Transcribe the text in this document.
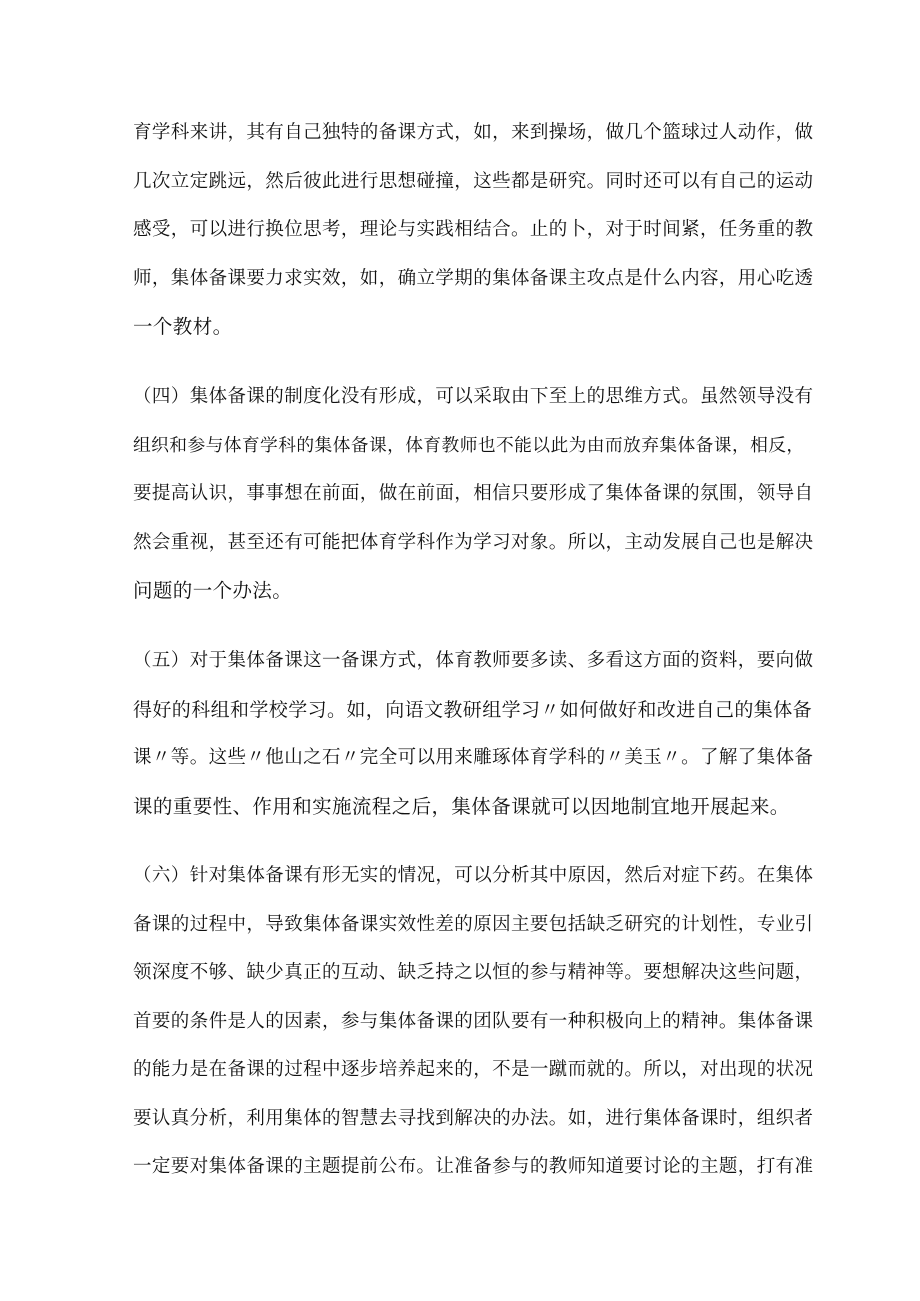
育学科来讲，其有自己独特的备课方式，如，来到操场，做几个篮球过人动作，做
几次立定跳远，然后彼此进行思想碰撞，这些都是研究。同时还可以有自己的运动
感受，可以进行换位思考，理论与实践相结合。止的卜，对于时间紧，任务重的教
师，集体备课要力求实效，如，确立学期的集体备课主攻点是什么内容，用心吃透
一个教材。
（四）集体备课的制度化没有形成，可以采取由下至上的思维方式。虽然领导没有
组织和参与体育学科的集体备课，体育教师也不能以此为由而放弃集体备课，相反，
要提高认识，事事想在前面，做在前面，相信只要形成了集体备课的氛围，领导自
然会重视，甚至还有可能把体育学科作为学习对象。所以，主动发展自己也是解决
问题的一个办法。
（五）对于集体备课这一备课方式，体育教师要多读、多看这方面的资料，要向做
得好的科组和学校学习。如，向语文教研组学习〃如何做好和改进自己的集体备
课〃等。这些〃他山之石〃完全可以用来雕琢体育学科的〃美玉〃。了解了集体备
课的重要性、作用和实施流程之后，集体备课就可以因地制宜地开展起来。
（六）针对集体备课有形无实的情况，可以分析其中原因，然后对症下药。在集体
备课的过程中，导致集体备课实效性差的原因主要包括缺乏研究的计划性，专业引
领深度不够、缺少真正的互动、缺乏持之以恒的参与精神等。要想解决这些问题，
首要的条件是人的因素，参与集体备课的团队要有一种积极向上的精神。集体备课
的能力是在备课的过程中逐步培养起来的，不是一蹴而就的。所以，对出现的状况
要认真分析，利用集体的智慧去寻找到解决的办法。如，进行集体备课时，组织者
一定要对集体备课的主题提前公布。让准备参与的教师知道要讨论的主题，打有准
